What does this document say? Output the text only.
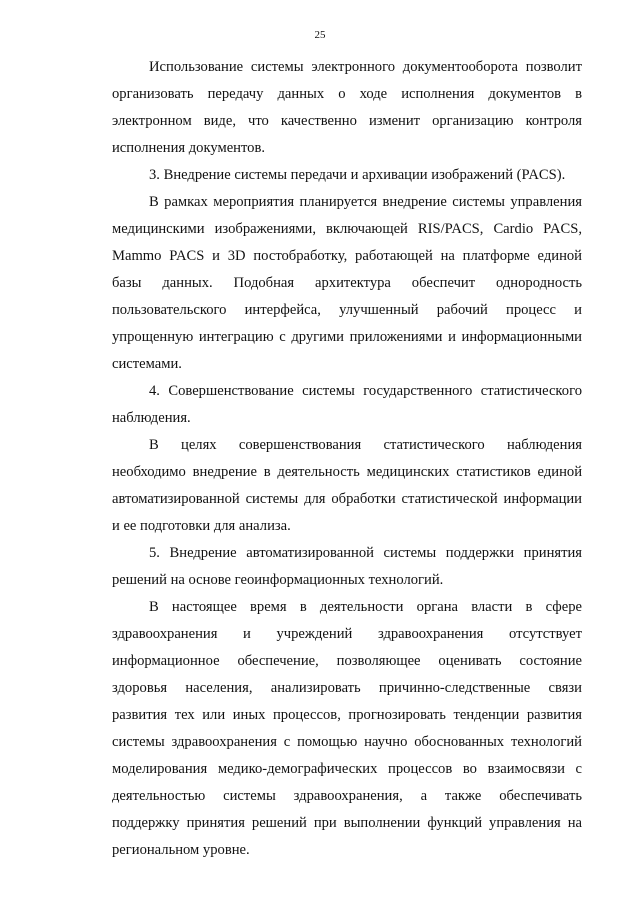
25

Использование системы электронного документооборота позволит организовать передачу данных о ходе исполнения документов в электронном виде, что качественно изменит организацию контроля исполнения документов.

3. Внедрение системы передачи и архивации изображений (PACS).

В рамках мероприятия планируется внедрение системы управления медицинскими изображениями, включающей RIS/PACS, Cardio PACS, Mammo PACS и 3D постобработку, работающей на платформе единой базы данных. Подобная архитектура обеспечит однородность пользовательского интерфейса, улучшенный рабочий процесс и упрощенную интеграцию с другими приложениями и информационными системами.

4. Совершенствование системы государственного статистического наблюдения.

В целях совершенствования статистического наблюдения необходимо внедрение в деятельность медицинских статистиков единой автоматизированной системы для обработки статистической информации и ее подготовки для анализа.

5. Внедрение автоматизированной системы поддержки принятия решений на основе геоинформационных технологий.

В настоящее время в деятельности органа власти в сфере здравоохранения и учреждений здравоохранения отсутствует информационное обеспечение, позволяющее оценивать состояние здоровья населения, анализировать причинно-следственные связи развития тех или иных процессов, прогнозировать тенденции развития системы здравоохранения с помощью научно обоснованных технологий моделирования медико-демографических процессов во взаимосвязи с деятельностью системы здравоохранения, а также обеспечивать поддержку принятия решений при выполнении функций управления на региональном уровне.
